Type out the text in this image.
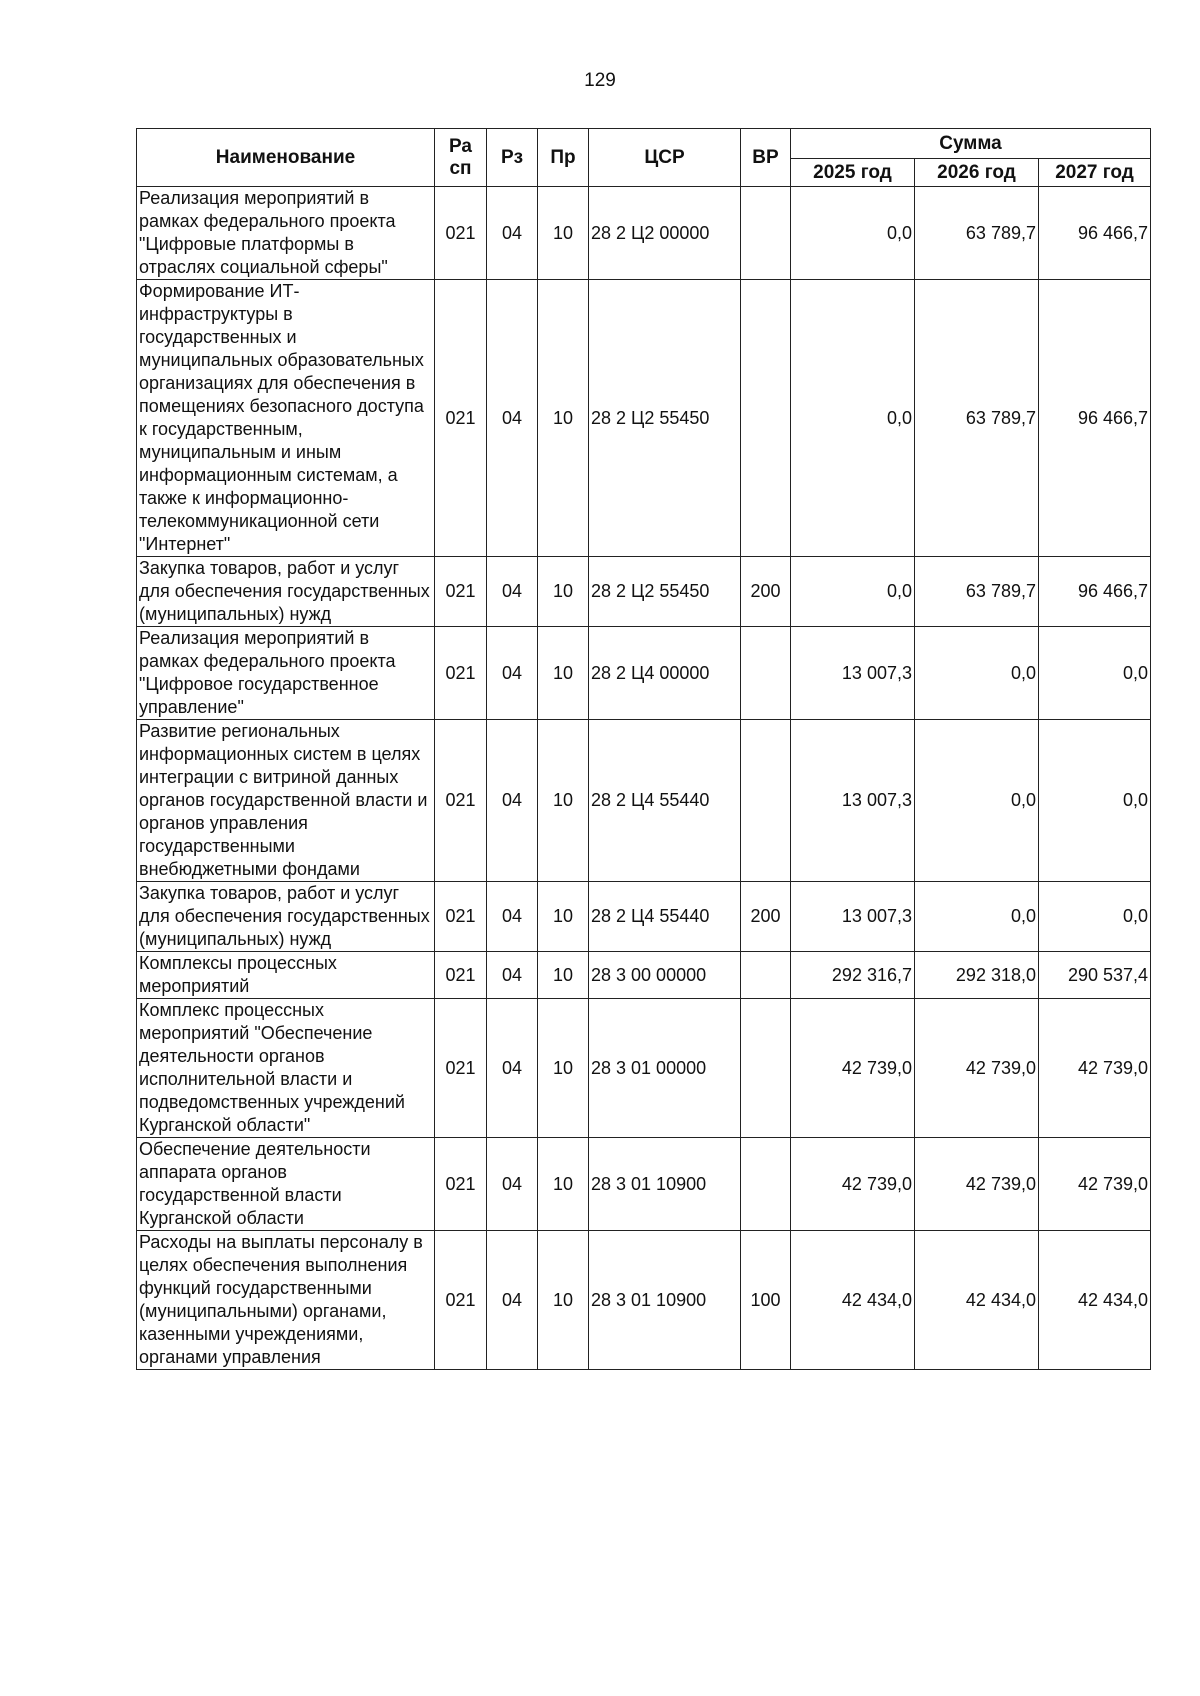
129
Наименование	Ра сп	Рз	Пр	ЦСР	ВР	Сумма		
						2025 год	2026 год	2027 год
Реализация мероприятий в рамках федерального проекта "Цифровые платформы в отраслях социальной сферы"	021	04	10	28 2 Ц2 00000		0,0	63 789,7	96 466,7
Формирование ИТ-инфраструктуры в государственных и муниципальных образовательных организациях для обеспечения в помещениях безопасного доступа к государственным, муниципальным и иным информационным системам, а также к информационно-телекоммуникационной сети "Интернет"	021	04	10	28 2 Ц2 55450		0,0	63 789,7	96 466,7
Закупка товаров, работ и услуг для обеспечения государственных (муниципальных) нужд	021	04	10	28 2 Ц2 55450	200	0,0	63 789,7	96 466,7
Реализация мероприятий в рамках федерального проекта "Цифровое государственное управление"	021	04	10	28 2 Ц4 00000		13 007,3	0,0	0,0
Развитие региональных информационных систем в целях интеграции с витриной данных органов государственной власти и органов управления государственными внебюджетными фондами	021	04	10	28 2 Ц4 55440		13 007,3	0,0	0,0
Закупка товаров, работ и услуг для обеспечения государственных (муниципальных) нужд	021	04	10	28 2 Ц4 55440	200	13 007,3	0,0	0,0
Комплексы процессных мероприятий	021	04	10	28 3 00 00000		292 316,7	292 318,0	290 537,4
Комплекс процессных мероприятий "Обеспечение деятельности органов исполнительной власти и подведомственных учреждений Курганской области"	021	04	10	28 3 01 00000		42 739,0	42 739,0	42 739,0
Обеспечение деятельности аппарата органов государственной власти Курганской области	021	04	10	28 3 01 10900		42 739,0	42 739,0	42 739,0
Расходы на выплаты персоналу в целях обеспечения выполнения функций государственными (муниципальными) органами, казенными учреждениями, органами управления	021	04	10	28 3 01 10900	100	42 434,0	42 434,0	42 434,0
